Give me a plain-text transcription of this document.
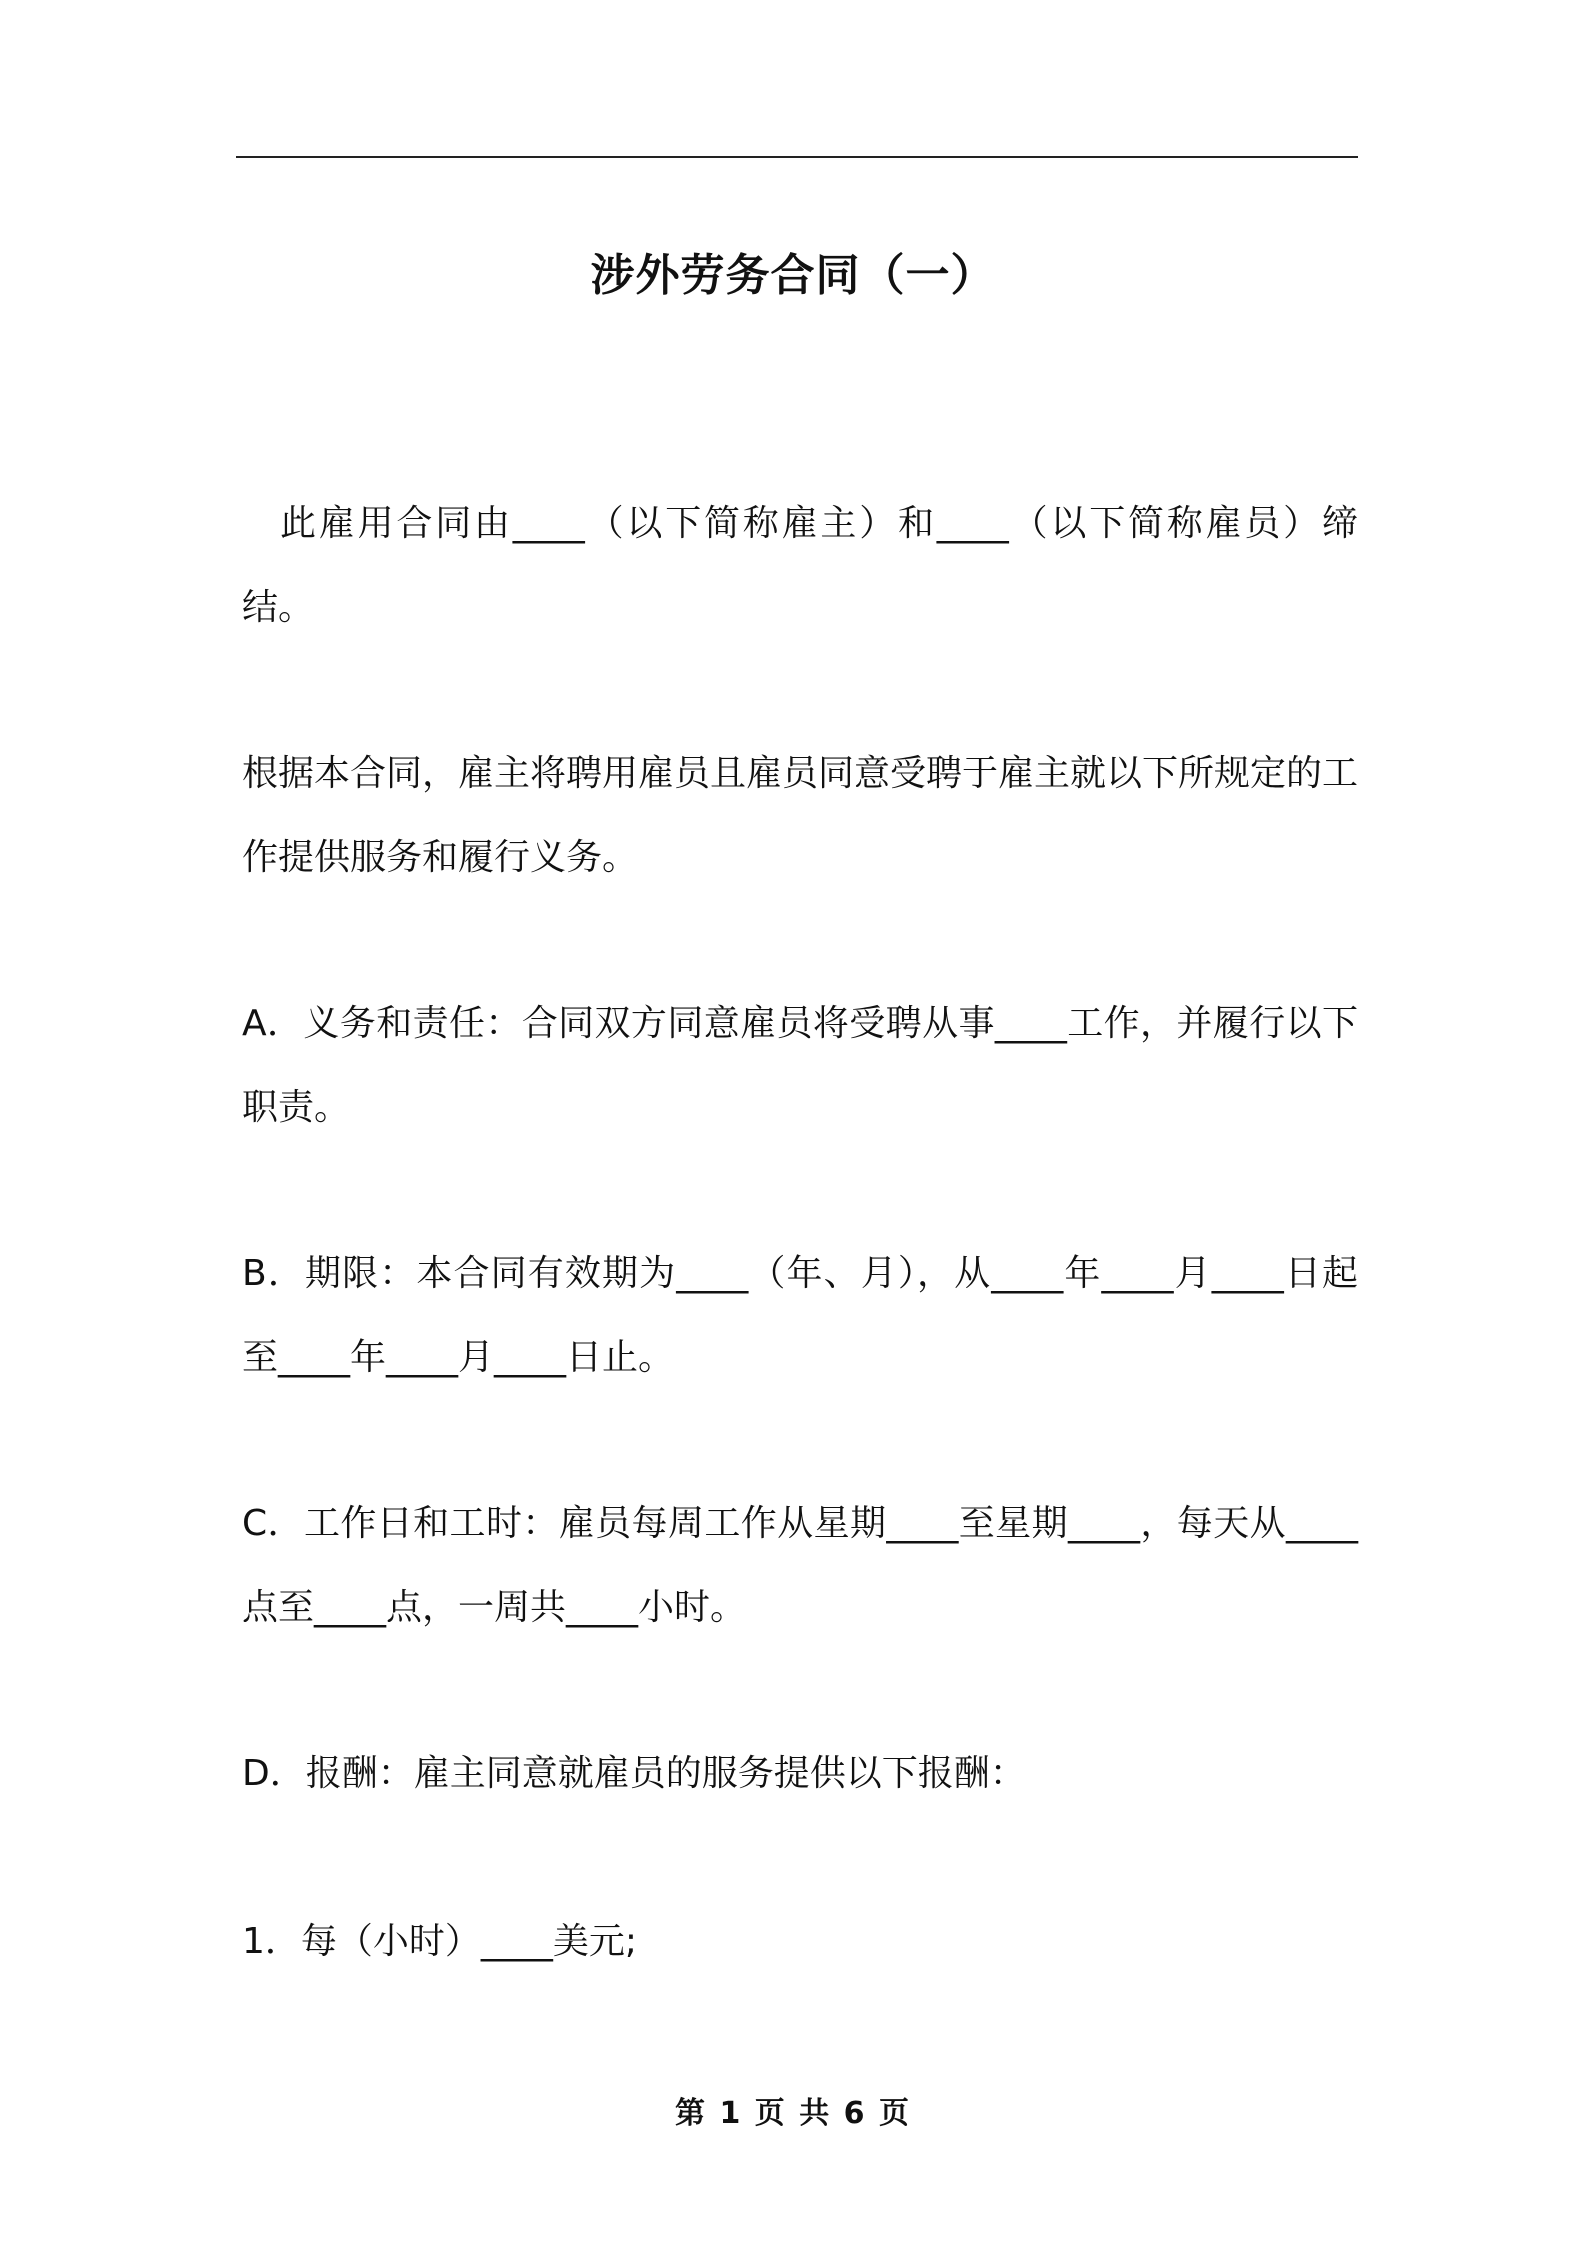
涉外劳务合同（一）

此雇用合同由____（以下简称雇主）和____（以下简称雇员）缔结。

根据本合同，雇主将聘用雇员且雇员同意受聘于雇主就以下所规定的工作提供服务和履行义务。

A．义务和责任：合同双方同意雇员将受聘从事____工作，并履行以下职责。

B．期限：本合同有效期为____（年、月），从____年____月____日起至____年____月____日止。

C．工作日和工时：雇员每周工作从星期____至星期____，每天从____点至____点，一周共____小时。

D．报酬：雇主同意就雇员的服务提供以下报酬：

1．每（小时）____美元;

第 1 页 共 6 页
